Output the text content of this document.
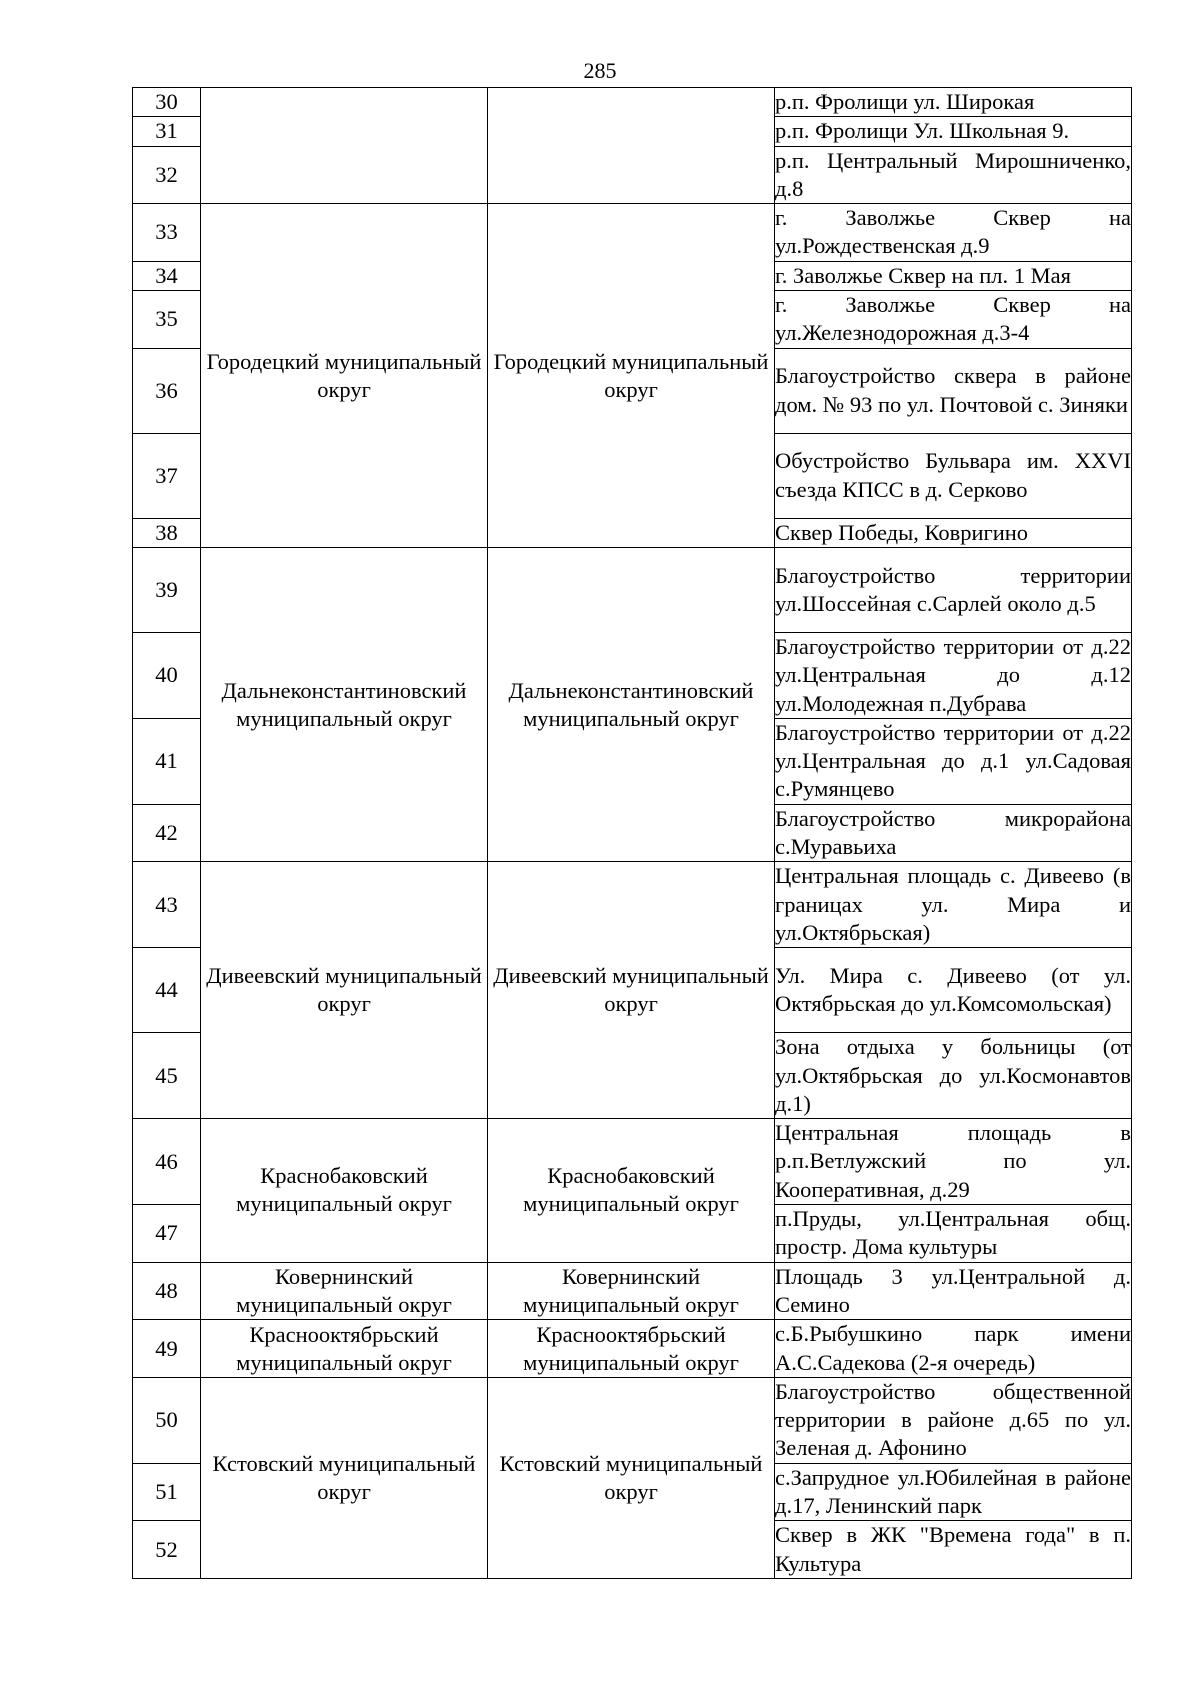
285
30			р.п. Фролищи ул. Широкая
31			р.п. Фролищи Ул. Школьная 9.
32			р.п. Центральный Мирошниченко, д.8
33	Городецкий муниципальный округ	Городецкий муниципальный округ	г. Заволжье Сквер на ул.Рождественская д.9
34			г. Заволжье Сквер на пл. 1 Мая
35			г. Заволжье Сквер на ул.Железнодорожная д.3-4
36			Благоустройство сквера в районе дом. № 93 по ул. Почтовой с. Зиняки
37			Обустройство Бульвара им. XXVI съезда КПСС в д. Серково
38			Сквер Победы, Ковригино
39	Дальнеконстантиновский муниципальный округ	Дальнеконстантиновский муниципальный округ	Благоустройство территории ул.Шоссейная с.Сарлей около д.5
40			Благоустройство территории от д.22 ул.Центральная до д.12 ул.Молодежная п.Дубрава
41			Благоустройство территории от д.22 ул.Центральная до д.1 ул.Садовая с.Румянцево
42			Благоустройство микрорайона с.Муравьиха
43	Дивеевский муниципальный округ	Дивеевский муниципальный округ	Центральная площадь с. Дивеево (в границах ул. Мира и ул.Октябрьская)
44			Ул. Мира с. Дивеево (от ул. Октябрьская до ул.Комсомольская)
45			Зона отдыха у больницы (от ул.Октябрьская до ул.Космонавтов д.1)
46	Краснобаковский муниципальный округ	Краснобаковский муниципальный округ	Центральная площадь в р.п.Ветлужский по ул. Кооперативная, д.29
47			п.Пруды, ул.Центральная общ. простр. Дома культуры
48	Ковернинский муниципальный округ	Ковернинский муниципальный округ	Площадь 3 ул.Центральной д. Семино
49	Краснооктябрьский муниципальный округ	Краснооктябрьский муниципальный округ	с.Б.Рыбушкино парк имени А.С.Садекова (2-я очередь)
50	Кстовский муниципальный округ	Кстовский муниципальный округ	Благоустройство общественной территории в районе д.65 по ул. Зеленая д. Афонино
51			с.Запрудное ул.Юбилейная в районе д.17, Ленинский парк
52			Сквер в ЖК "Времена года" в п. Культура
